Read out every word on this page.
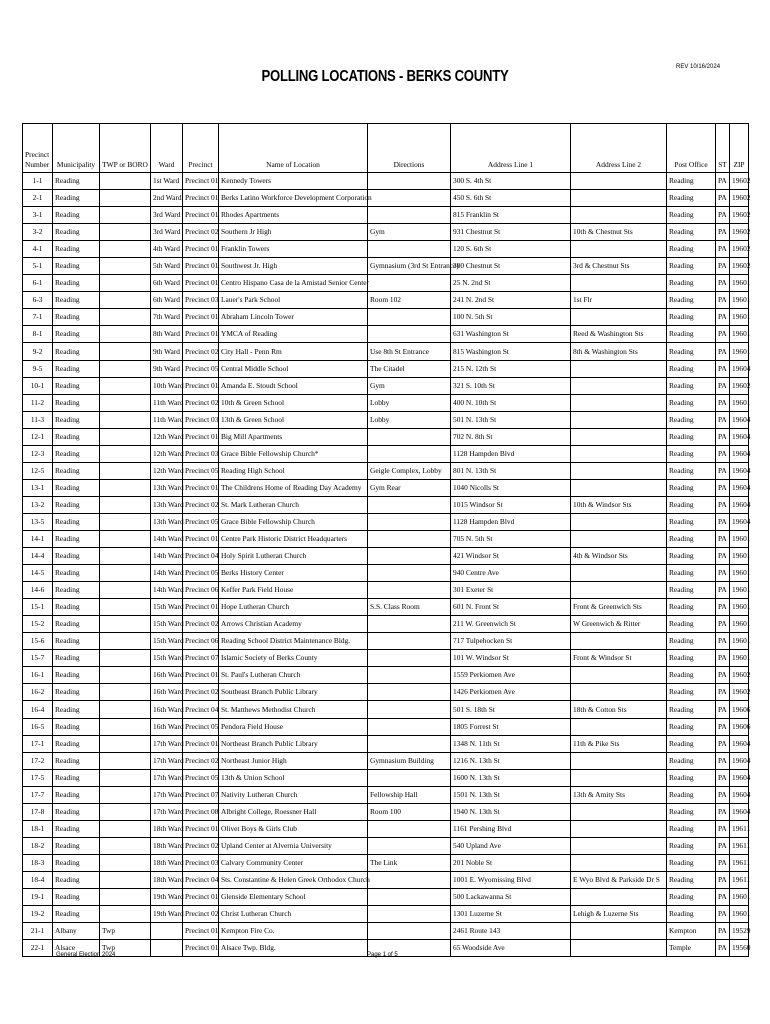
REV 10/16/2024
POLLING LOCATIONS - BERKS COUNTY
Precinct
Number	Municipality	TWP or BORO	Ward	Precinct	Name of Location	Directions	Address Line 1	Address Line 2	Post Office	ST	ZIP
1-1	Reading		1st Ward	Precinct 01	Kennedy Towers		300 S. 4th St		Reading	PA	19602
2-1	Reading		2nd Ward	Precinct 01	Berks Latino Workforce Development Corporation		450 S. 6th St		Reading	PA	19602
3-1	Reading		3rd Ward	Precinct 01	Rhodes Apartments		815 Franklin St		Reading	PA	19602
3-2	Reading		3rd Ward	Precinct 02	Southern Jr High	Gym	931 Chestnut St	10th & Chestnut Sts	Reading	PA	19602
4-1	Reading		4th Ward	Precinct 01	Franklin Towers		120 S. 6th St		Reading	PA	19602
5-1	Reading		5th Ward	Precinct 01	Southwest Jr. High	Gymnasium (3rd St Entrance)	300 Chestnut St	3rd & Chestnut Sts	Reading	PA	19602
6-1	Reading		6th Ward	Precinct 01	Centro Hispano Casa de la Amistad Senior Center		25 N. 2nd St		Reading	PA	19601
6-3	Reading		6th Ward	Precinct 03	Lauer's Park School	Room 102	241 N. 2nd St	1st Flr	Reading	PA	19601
7-1	Reading		7th Ward	Precinct 01	Abraham Lincoln Tower		100 N. 5th St		Reading	PA	19601
8-1	Reading		8th Ward	Precinct 01	YMCA of Reading		631 Washington St	Reed & Washington Sts	Reading	PA	19601
9-2	Reading		9th Ward	Precinct 02	City Hall - Penn Rm	Use 8th St Entrance	815 Washington St	8th & Washington Sts	Reading	PA	19601
9-5	Reading		9th Ward	Precinct 05	Central Middle School	The Citadel	215 N. 12th St		Reading	PA	19604
10-1	Reading		10th Ward	Precinct 01	Amanda E. Stoudt School	Gym	321 S. 10th St		Reading	PA	19602
11-2	Reading		11th Ward	Precinct 02	10th & Green School	Lobby	400 N. 10th St		Reading	PA	19601
11-3	Reading		11th Ward	Precinct 03	13th & Green School	Lobby	501 N. 13th St		Reading	PA	19604
12-1	Reading		12th Ward	Precinct 01	Big Mill Apartments		702 N. 8th St		Reading	PA	19604
12-3	Reading		12th Ward	Precinct 03	Grace Bible Fellowship Church*		1128 Hampden Blvd		Reading	PA	19604
12-5	Reading		12th Ward	Precinct 05	Reading High School	Geigle Complex, Lobby	801 N. 13th St		Reading	PA	19604
13-1	Reading		13th Ward	Precinct 01	The Childrens Home of Reading Day Academy	Gym Rear	1040 Nicolls St		Reading	PA	19604
13-2	Reading		13th Ward	Precinct 02	St. Mark Lutheran Church		1015 Windsor St	10th & Windsor Sts	Reading	PA	19604
13-5	Reading		13th Ward	Precinct 05	Grace Bible Fellowship Church		1128 Hampden Blvd		Reading	PA	19604
14-1	Reading		14th Ward	Precinct 01	Centre Park Historic District Headquarters		705 N. 5th St		Reading	PA	19601
14-4	Reading		14th Ward	Precinct 04	Holy Spirit Lutheran Church		421 Windsor St	4th & Windsor Sts	Reading	PA	19601
14-5	Reading		14th Ward	Precinct 05	Berks History Center		940 Centre Ave		Reading	PA	19601
14-6	Reading		14th Ward	Precinct 06	Keffer Park Field House		301 Exeter St		Reading	PA	19601
15-1	Reading		15th Ward	Precinct 01	Hope Lutheran Church	S.S. Class Room	601 N. Front St	Front & Greenwich Sts	Reading	PA	19601
15-2	Reading		15th Ward	Precinct 02	Arrows Christian Academy		211 W. Greenwich St	W Greenwich & Ritter	Reading	PA	19601
15-6	Reading		15th Ward	Precinct 06	Reading School District Maintenance Bldg.		717 Tulpehocken St		Reading	PA	19601
15-7	Reading		15th Ward	Precinct 07	Islamic Society of Berks County		101 W. Windsor St	Front & Windsor St	Reading	PA	19601
16-1	Reading		16th Ward	Precinct 01	St. Paul's Lutheran Church		1559 Perkiomen Ave		Reading	PA	19602
16-2	Reading		16th Ward	Precinct 02	Southeast Branch Public Library		1426 Perkiomen Ave		Reading	PA	19602
16-4	Reading		16th Ward	Precinct 04	St. Matthews Methodist Church		501 S. 18th St	18th & Cotton Sts	Reading	PA	19606
16-5	Reading		16th Ward	Precinct 05	Pendora Field House		1805 Forrest St		Reading	PA	19606
17-1	Reading		17th Ward	Precinct 01	Northeast Branch Public Library		1348 N. 11th St	11th & Pike Sts	Reading	PA	19604
17-2	Reading		17th Ward	Precinct 02	Northeast Junior High	Gymnasium Building	1216 N. 13th St		Reading	PA	19604
17-5	Reading		17th Ward	Precinct 05	13th & Union School		1600 N. 13th St		Reading	PA	19604
17-7	Reading		17th Ward	Precinct 07	Nativity Lutheran Church	Fellowship Hall	1501 N. 13th St	13th & Amity Sts	Reading	PA	19604
17-8	Reading		17th Ward	Precinct 08	Albright College, Roessner Hall	Room 100	1940 N. 13th St		Reading	PA	19604
18-1	Reading		18th Ward	Precinct 01	Olivet Boys & Girls Club		1161 Pershing Blvd		Reading	PA	19611
18-2	Reading		18th Ward	Precinct 02	Upland Center at Alvernia University		540 Upland Ave		Reading	PA	19611
18-3	Reading		18th Ward	Precinct 03	Calvary Community Center	The Link	201 Noble St		Reading	PA	19611
18-4	Reading		18th Ward	Precinct 04	Sts. Constantine & Helen Greek Orthodox Church		1001 E. Wyomissing Blvd	E Wyo Blvd & Parkside Dr S	Reading	PA	19611
19-1	Reading		19th Ward	Precinct 01	Glenside Elementary School		500 Lackawanna St		Reading	PA	19601
19-2	Reading		19th Ward	Precinct 02	Christ Lutheran Church		1301 Luzerne St	Lehigh & Luzerne Sts	Reading	PA	19601
21-1	Albany	Twp		Precinct 01	Kempton Fire Co.		2461 Route 143		Kempton	PA	19529
22-1	Alsace	Twp		Precinct 01	Alsace Twp. Bldg.		65 Woodside Ave		Temple	PA	19560
General Election 2024	Page 1 of 5
